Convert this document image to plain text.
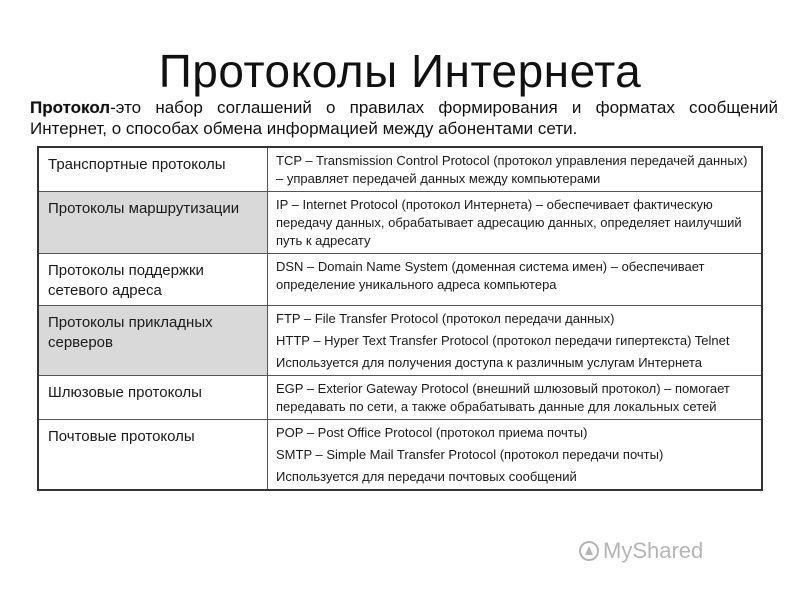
Протоколы Интернета
Протокол-это набор соглашений о правилах формирования и форматах сообщений Интернет, о способах обмена информацией между абонентами сети.
Транспортные протоколы	TCP – Transmission Control Protocol (протокол управления передачей данных) – управляет передачей данных между компьютерами

Протоколы маршрутизации	IP – Internet Protocol (протокол Интернета) – обеспечивает фактическую передачу данных, обрабатывает адресацию данных, определяет наилучший путь к адресату

Протоколы поддержки сетевого адреса	DSN – Domain Name System (доменная система имен) – обеспечивает определение уникального адреса компьютера

Протоколы прикладных серверов	FTP – File Transfer Protocol (протокол передачи данных)

HTTP – Hyper Text Transfer Protocol (протокол передачи гипертекста) Telnet

Используется для получения доступа к различным услугам Интернета

Шлюзовые протоколы	EGP – Exterior Gateway Protocol (внешний шлюзовый протокол) – помогает передавать по сети, а также обрабатывать данные для локальных сетей

Почтовые протоколы	POP – Post Office Protocol (протокол приема почты)

SMTP – Simple Mail Transfer Protocol (протокол передачи почты)

Используется для передачи почтовых сообщений

MyShared
